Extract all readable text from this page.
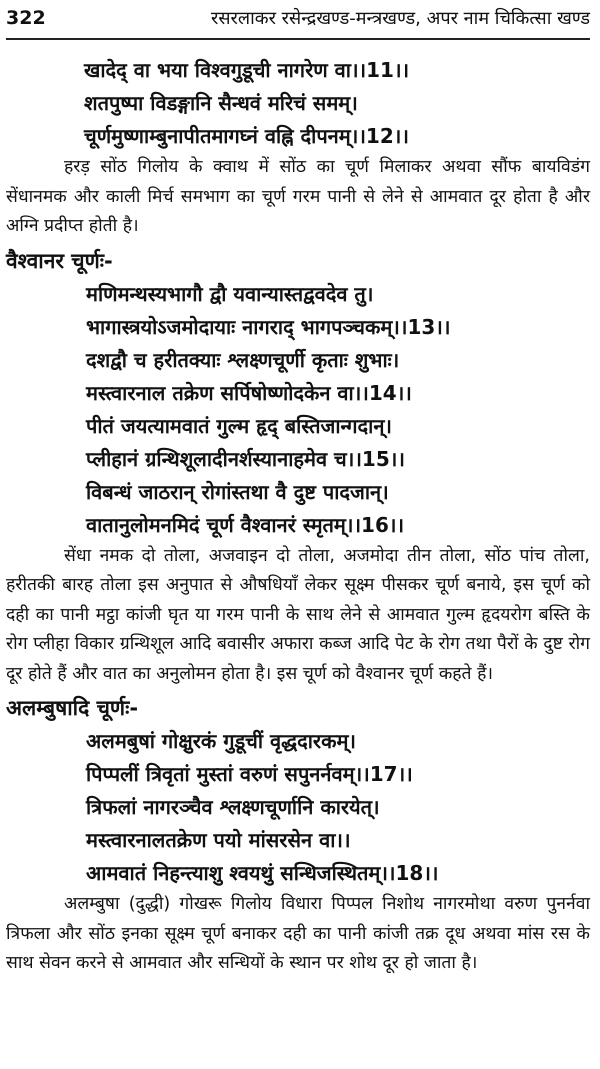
322	रसरलाकर रसेन्द्रखण्ड-मन्त्रखण्ड, अपर नाम चिकित्सा खण्ड
खादेद् वा भया विश्वगुडूची नागरेण वा।।11।।
शतपुष्पा विडङ्गानि सैन्धवं मरिचं समम्।
चूर्णमुष्णाम्बुनापीतमागघ्नं वह्नि दीपनम्।।12।।

हरड़ सोंठ गिलोय के क्वाथ में सोंठ का चूर्ण मिलाकर अथवा सौंफ बायविडंग सेंधानमक और काली मिर्च समभाग का चूर्ण गरम पानी से लेने से आमवात दूर होता है और अग्नि प्रदीप्त होती है।

वैश्वानर चूर्णः-
मणिमन्थस्यभागौ द्वौ यवान्यास्तद्ववदेव तु।
भागास्त्रयोऽजमोदायाः नागराद् भागपञ्चकम्।।13।।
दशद्वौ च हरीतक्याः श्लक्ष्णचूर्णी कृताः शुभाः।
मस्त्वारनाल तक्रेण सर्पिषोष्णोदकेन वा।।14।।
पीतं जयत्यामवातं गुल्म हृद् बस्तिजान्गदान्।
प्लीहानं ग्रन्थिशूलादीनर्शस्यानाहमेव च।।15।।
विबन्धं जाठरान् रोगांस्तथा वै दुष्ट पादजान्।
वातानुलोमनमिदं चूर्ण वैश्वानरं स्मृतम्।।16।।

सेंधा नमक दो तोला, अजवाइन दो तोला, अजमोदा तीन तोला, सोंठ पांच तोला, हरीतकी बारह तोला इस अनुपात से औषधियाँ लेकर सूक्ष्म पीसकर चूर्ण बनाये, इस चूर्ण को दही का पानी मट्ठा कांजी घृत या गरम पानी के साथ लेने से आमवात गुल्म हृदयरोग बस्ति के रोग प्लीहा विकार ग्रन्थिशूल आदि बवासीर अफारा कब्ज आदि पेट के रोग तथा पैरों के दुष्ट रोग दूर होते हैं और वात का अनुलोमन होता है। इस चूर्ण को वैश्वानर चूर्ण कहते हैं।

अलम्बुषादि चूर्णः-
अलमबुषां गोक्षुरकं गुडूचीं वृद्धदारकम्।
पिप्पलीं त्रिवृतां मुस्तां वरुणं सपुनर्नवम्।।17।।
त्रिफलां नागरञ्चैव श्लक्ष्णचूर्णानि कारयेत्।
मस्त्वारनालतक्रेण पयो मांसरसेन वा।।
आमवातं निहन्त्याशु श्वयथुं सन्धिजस्थितम्।।18।।

अलम्बुषा (दुद्धी) गोखरू गिलोय विधारा पिप्पल निशोथ नागरमोथा वरुण पुनर्नवा त्रिफला और सोंठ इनका सूक्ष्म चूर्ण बनाकर दही का पानी कांजी तक्र दूध अथवा मांस रस के साथ सेवन करने से आमवात और सन्धियों के स्थान पर शोथ दूर हो जाता है।
